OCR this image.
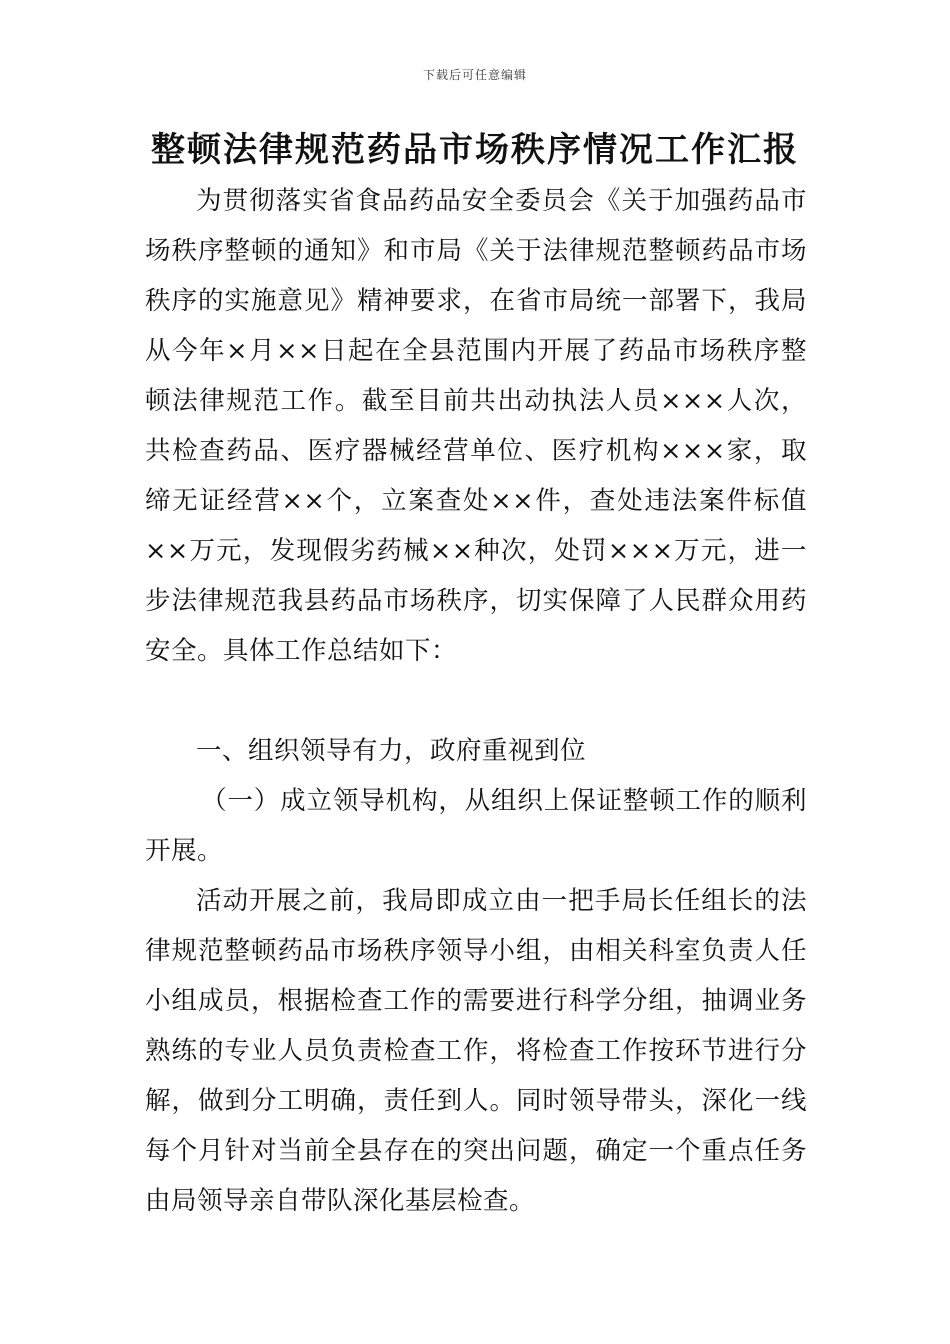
下载后可任意编辑
整顿法律规范药品市场秩序情况工作汇报

为贯彻落实省食品药品安全委员会《关于加强药品市场秩序整顿的通知》和市局《关于法律规范整顿药品市场秩序的实施意见》精神要求，在省市局统一部署下，我局从今年×月××日起在全县范围内开展了药品市场秩序整顿法律规范工作。截至目前共出动执法人员×××人次，共检查药品、医疗器械经营单位、医疗机构×××家，取缔无证经营××个，立案查处××件，查处违法案件标值××万元，发现假劣药械××种次，处罚×××万元，进一步法律规范我县药品市场秩序，切实保障了人民群众用药安全。具体工作总结如下：

一、组织领导有力，政府重视到位

（一）成立领导机构，从组织上保证整顿工作的顺利开展。

活动开展之前，我局即成立由一把手局长任组长的法律规范整顿药品市场秩序领导小组，由相关科室负责人任小组成员，根据检查工作的需要进行科学分组，抽调业务熟练的专业人员负责检查工作，将检查工作按环节进行分解，做到分工明确，责任到人。同时领导带头，深化一线每个月针对当前全县存在的突出问题，确定一个重点任务由局领导亲自带队深化基层检查。
